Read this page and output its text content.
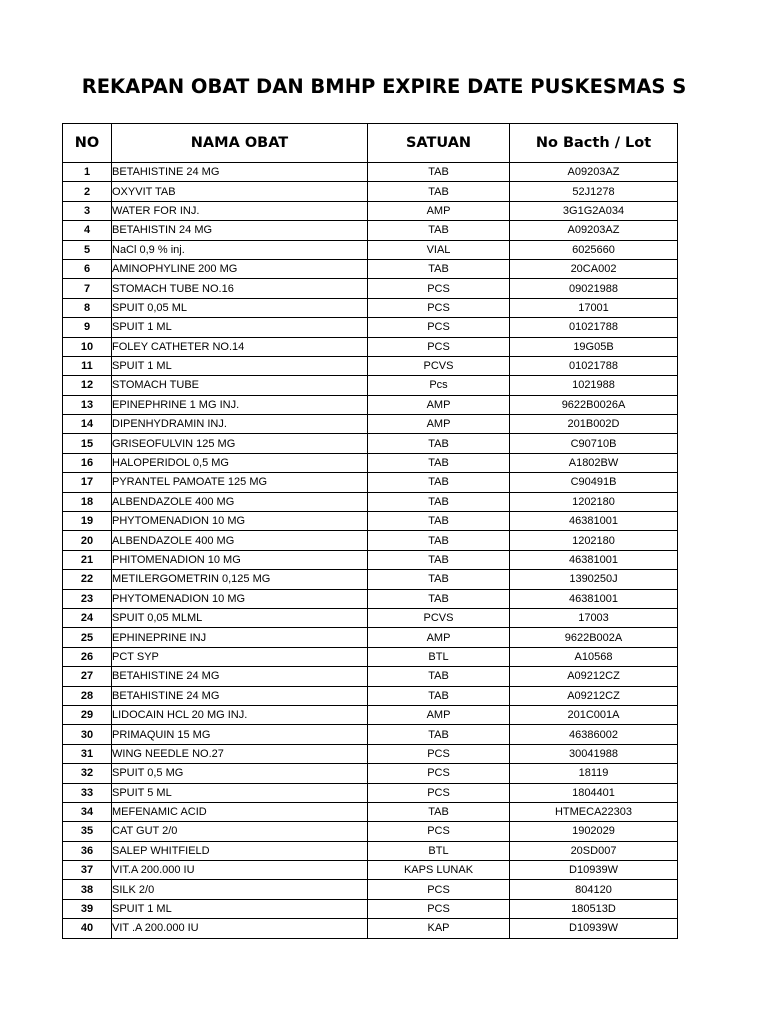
REKAPAN OBAT DAN BMHP EXPIRE DATE PUSKESMAS S
NO	NAMA OBAT	SATUAN	No Bacth / Lot
1	BETAHISTINE 24 MG	TAB	A09203AZ
2	OXYVIT TAB	TAB	52J1278
3	WATER FOR INJ.	AMP	3G1G2A034
4	BETAHISTIN 24 MG	TAB	A09203AZ
5	NaCl 0,9 % inj.	VIAL	6025660
6	AMINOPHYLINE 200 MG	TAB	20CA002
7	STOMACH TUBE NO.16	PCS	09021988
8	SPUIT 0,05 ML	PCS	17001
9	SPUIT 1 ML	PCS	01021788
10	FOLEY CATHETER NO.14	PCS	19G05B
11	SPUIT 1 ML	PCVS	01021788
12	STOMACH TUBE	Pcs	1021988
13	EPINEPHRINE 1 MG INJ.	AMP	9622B0026A
14	DIPENHYDRAMIN INJ.	AMP	201B002D
15	GRISEOFULVIN 125 MG	TAB	C90710B
16	HALOPERIDOL 0,5 MG	TAB	A1802BW
17	PYRANTEL PAMOATE 125 MG	TAB	C90491B
18	ALBENDAZOLE 400 MG	TAB	1202180
19	PHYTOMENADION 10 MG	TAB	46381001
20	ALBENDAZOLE 400 MG	TAB	1202180
21	PHITOMENADION 10 MG	TAB	46381001
22	METILERGOMETRIN 0,125 MG	TAB	1390250J
23	PHYTOMENADION 10 MG	TAB	46381001
24	SPUIT 0,05 MLML	PCVS	17003
25	EPHINEPRINE INJ	AMP	9622B002A
26	PCT SYP	BTL	A10568
27	BETAHISTINE 24 MG	TAB	A09212CZ
28	BETAHISTINE 24 MG	TAB	A09212CZ
29	LIDOCAIN HCL 20 MG INJ.	AMP	201C001A
30	PRIMAQUIN 15 MG	TAB	46386002
31	WING NEEDLE NO.27	PCS	30041988
32	SPUIT 0,5 MG	PCS	18119
33	SPUIT 5 ML	PCS	1804401
34	MEFENAMIC ACID	TAB	HTMECA22303
35	CAT GUT 2/0	PCS	1902029
36	SALEP WHITFIELD	BTL	20SD007
37	VIT.A 200.000 IU	KAPS LUNAK	D10939W
38	SILK 2/0	PCS	804120
39	SPUIT 1 ML	PCS	180513D
40	VIT .A 200.000 IU	KAP	D10939W
